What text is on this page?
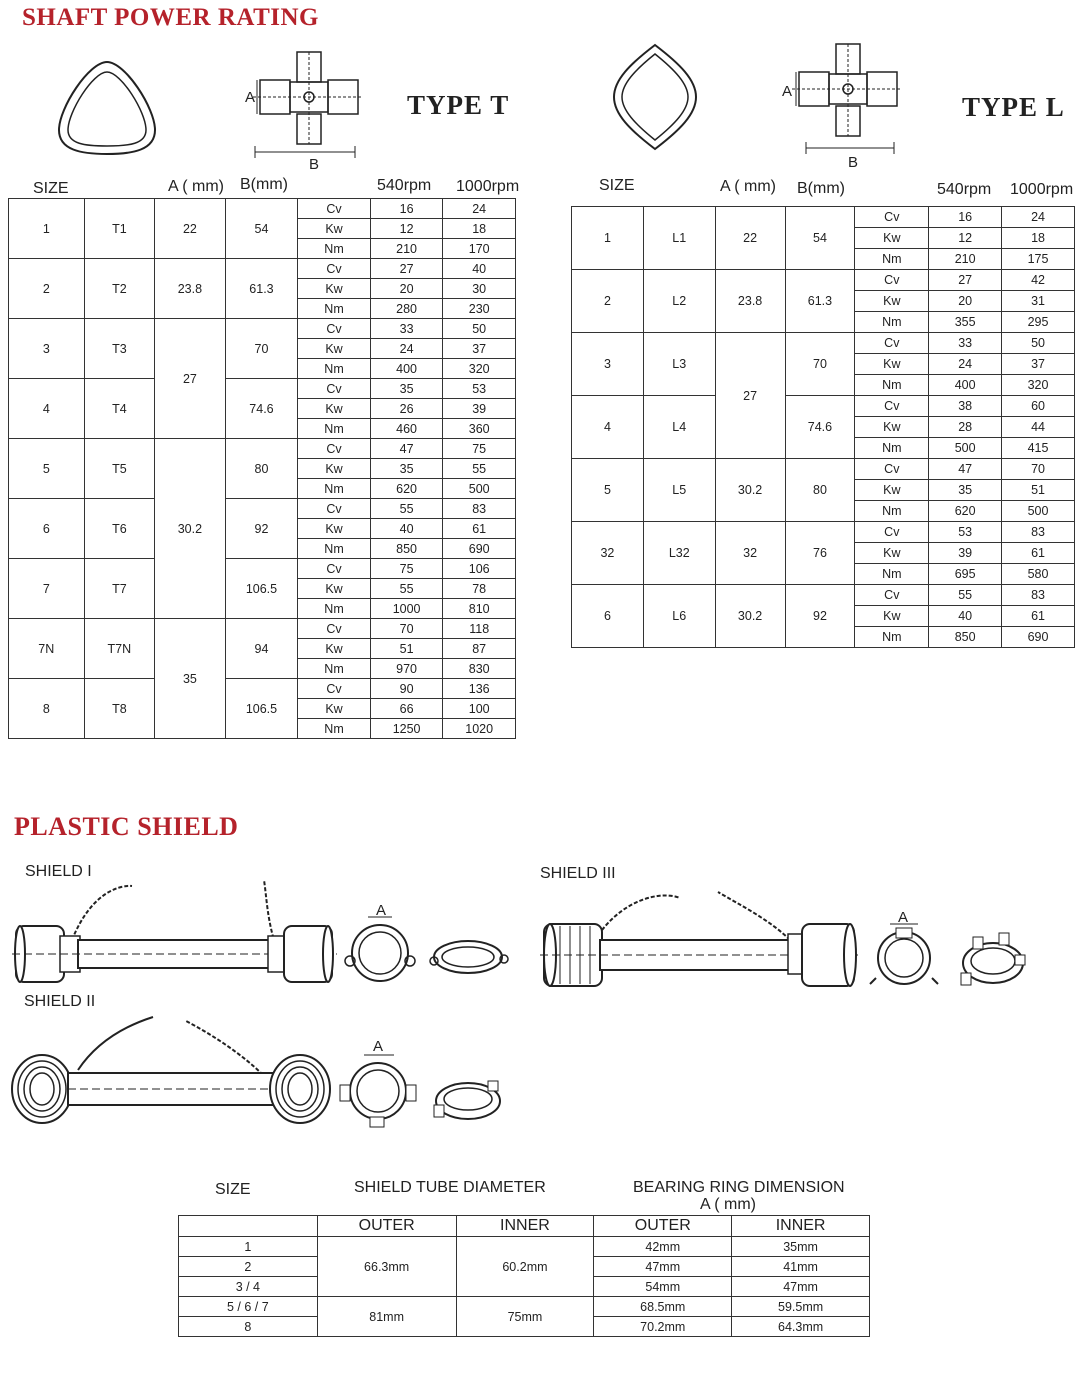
SHAFT POWER RATING
A
B
TYPE T	A
B
TYPE L
SIZE	A ( mm) B(mm)	540rpm 1000rpm
1	T1	22	54	Cv	16	24
				Kw	12	18
				Nm	210	170
2	T2	23.8	61.3	Cv	27	40
				Kw	20	30
				Nm	280	230
3	T3	27	70	Cv	33	50
				Kw	24	37
				Nm	400	320
4	T4		74.6	Cv	35	53
				Kw	26	39
				Nm	460	360
5	T5	30.2	80	Cv	47	75
				Kw	35	55
				Nm	620	500
6	T6		92	Cv	55	83
				Kw	40	61
				Nm	850	690
7	T7		106.5	Cv	75	106
				Kw	55	78
				Nm	1000	810
7N	T7N	35	94	Cv	70	118
				Kw	51	87
				Nm	970	830
8	T8		106.5	Cv	90	136
				Kw	66	100
				Nm	1250	1020
SIZE	A ( mm) B(mm)	540rpm 1000rpm
1	L1	22	54	Cv	16	24
				Kw	12	18
				Nm	210	175
2	L2	23.8	61.3	Cv	27	42
				Kw	20	31
				Nm	355	295
3	L3	27	70	Cv	33	50
				Kw	24	37
				Nm	400	320
4	L4		74.6	Cv	38	60
				Kw	28	44
				Nm	500	415
5	L5	30.2	80	Cv	47	70
				Kw	35	51
				Nm	620	500
32	L32	32	76	Cv	53	83
				Kw	39	61
				Nm	695	580
6	L6	30.2	92	Cv	55	83
				Kw	40	61
				Nm	850	690
PLASTIC SHIELD
SHIELD I	SHIELD III
SHIELD II
A	A
A
SIZE	SHIELD TUBE DIAMETER	BEARING RING DIMENSION
A ( mm)
	OUTER	INNER	OUTER	INNER
1	66.3mm	60.2mm	42mm	35mm
2			47mm	41mm
3 / 4			54mm	47mm
5 / 6 / 7	81mm	75mm	68.5mm	59.5mm
8			70.2mm	64.3mm
